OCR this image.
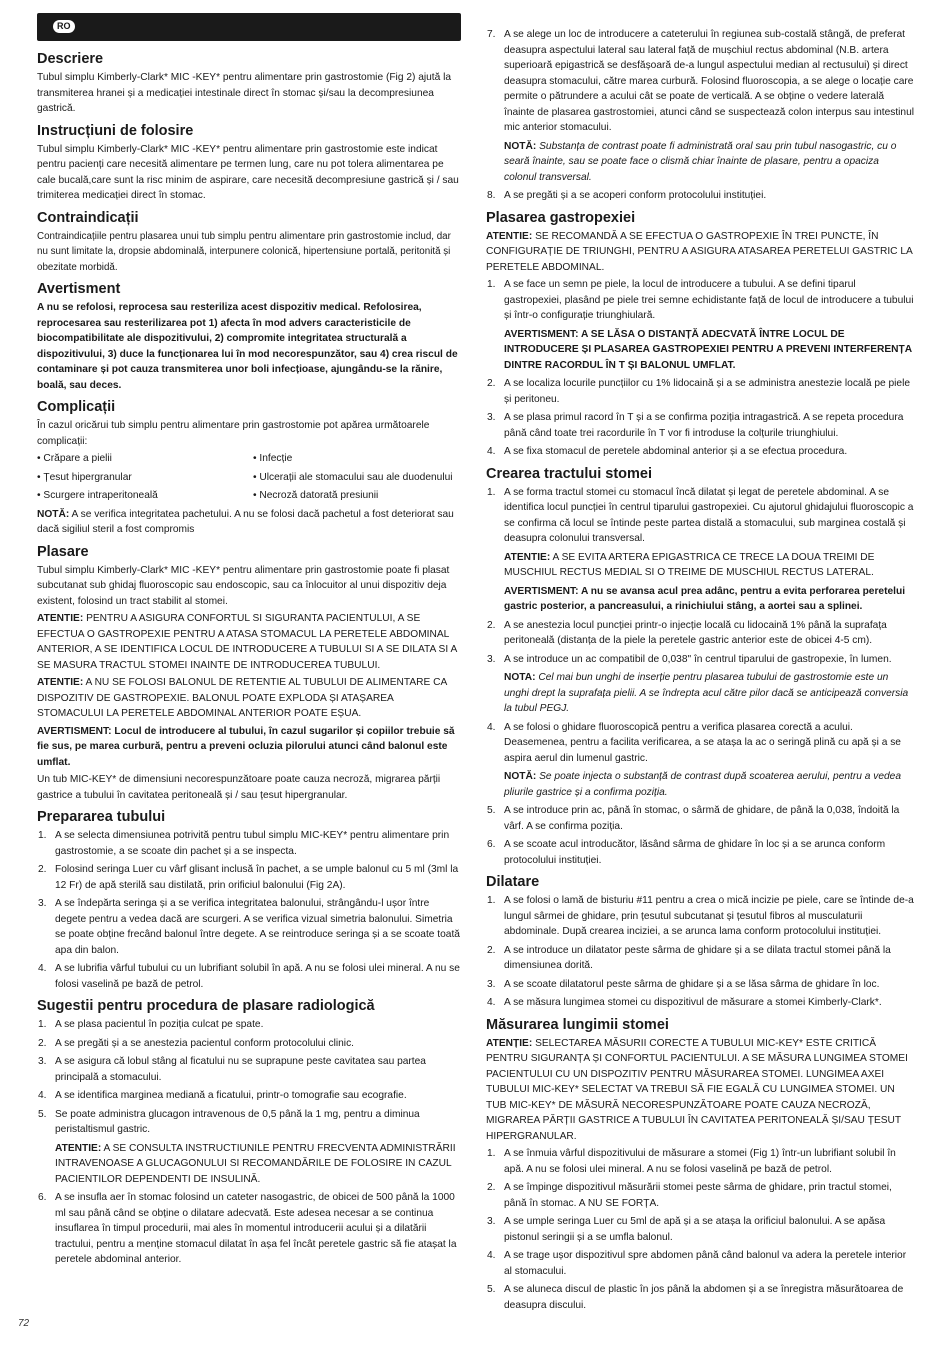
RO
Descriere

Tubul simplu Kimberly-Clark* MIC -KEY* pentru alimentare prin gastrostomie (Fig 2) ajută la transmiterea hranei și a medicației intestinale direct în stomac și/sau la decompresiunea gastrică.

Instrucțiuni de folosire

Tubul simplu Kimberly-Clark* MIC -KEY* pentru alimentare prin gastrostomie este indicat pentru pacienți care necesită alimentare pe termen lung, care nu pot tolera alimentarea pe cale bucală,care sunt la risc minim de aspirare, care necesită decompresiune gastrică și / sau trimiterea medicației direct în stomac.

Contraindicații

Contraindicațiile pentru plasarea unui tub simplu pentru alimentare prin gastrostomie includ, dar nu sunt limitate la, dropsie abdominală, interpunere colonică, hipertensiune portală, peritonită și obezitate morbidă.

Avertisment

A nu se refolosi, reprocesa sau resteriliza acest dispozitiv medical. Refolosirea, reprocesarea sau resterilizarea pot 1) afecta în mod advers caracteristicile de biocompatibilitate ale dispozitivului, 2) compromite integritatea structurală a dispozitivului, 3) duce la funcționarea lui în mod necorespunzător, sau 4) crea riscul de contaminare și pot cauza transmiterea unor boli infecțioase, ajungându-se la rănire, boală, sau deces.

Complicații

În cazul oricărui tub simplu pentru alimentare prin gastrostomie pot apărea următoarele complicații:

• Crăpare a pielii	• Infecție
• Țesut hipergranular	• Ulcerații ale stomacului sau ale duodenului
• Scurgere intraperitoneală	• Necroză datorată presiunii

NOTĂ: A se verifica integritatea pachetului. A nu se folosi dacă pachetul a fost deteriorat sau dacă sigiliul steril a fost compromis

Plasare

Tubul simplu Kimberly-Clark* MIC -KEY* pentru alimentare prin gastrostomie poate fi plasat subcutanat sub ghidaj fluoroscopic sau endoscopic, sau ca înlocuitor al unui dispozitiv deja existent, folosind un tract stabilit al stomei.

ATENTIE: PENTRU A ASIGURA CONFORTUL SI SIGURANTA PACIENTULUI, A SE EFECTUA O GASTROPEXIE PENTRU A ATASA STOMACUL LA PERETELE ABDOMINAL ANTERIOR, A SE IDENTIFICA LOCUL DE INTRODUCERE A TUBULUI SI A SE DILATA SI A SE MASURA TRACTUL STOMEI INAINTE DE INTRODUCEREA TUBULUI.

ATENTIE: A NU SE FOLOSI BALONUL DE RETENTIE AL TUBULUI DE ALIMENTARE CA DISPOZITIV DE GASTROPEXIE. BALONUL POATE EXPLODA ȘI ATAȘAREA STOMACULUI LA PERETELE ABDOMINAL ANTERIOR POATE EȘUA.

AVERTISMENT: Locul de introducere al tubului, în cazul sugarilor și copiilor trebuie să fie sus, pe marea curbură, pentru a preveni ocluzia pilorului atunci când balonul este umflat.

Un tub MIC-KEY* de dimensiuni necorespunzătoare poate cauza necroză, migrarea părții gastrice a tubului în cavitatea peritoneală și / sau țesut hipergranular.

Prepararea tubului
1. A se selecta dimensiunea potrivită pentru tubul simplu MIC-KEY* pentru alimentare prin gastrostomie, a se scoate din pachet și a se inspecta.
2. Folosind seringa Luer cu vârf glisant inclusă în pachet, a se umple balonul cu 5 ml (3ml la 12 Fr) de apă sterilă sau distilată, prin orificiul balonului (Fig 2A).
3. A se îndepărta seringa și a se verifica integritatea balonului, strângându-l ușor între degete pentru a vedea dacă are scurgeri. A se verifica vizual simetria balonului. Simetria se poate obține frecând balonul între degete. A se reintroduce seringa și a se scoate toată apa din balon.
4. A se lubrifia vârful tubului cu un lubrifiant solubil în apă. A nu se folosi ulei mineral. A nu se folosi vaselină pe bază de petrol.
Sugestii pentru procedura de plasare radiologică
1. A se plasa pacientul în poziția culcat pe spate.
2. A se pregăti și a se anestezia pacientul conform protocolului clinic.
3. A se asigura că lobul stâng al ficatului nu se suprapune peste cavitatea sau partea principală a stomacului.
4. A se identifica marginea mediană a ficatului, printr-o tomografie sau ecografie.
5. Se poate administra glucagon intravenous de 0,5 până la 1 mg, pentru a diminua peristaltismul gastric.
ATENTIE: A SE CONSULTA INSTRUCTIUNILE PENTRU FRECVENTA ADMINISTRĂRII INTRAVENOASE A GLUCAGONULUI SI RECOMANDĂRILE DE FOLOSIRE IN CAZUL PACIENTILOR DEPENDENTI DE INSULINĂ.
6. A se insufla aer în stomac folosind un cateter nasogastric, de obicei de 500 până la 1000 ml sau până când se obține o dilatare adecvată. Este adesea necesar a se continua insuflarea în timpul procedurii, mai ales în momentul introducerii acului și a dilatării tractului, pentru a menține stomacul dilatat în așa fel încât peretele gastric să fie atașat la peretele abdominal anterior.
7. A se alege un loc de introducere a cateterului în regiunea sub-costală stângă, de preferat deasupra aspectului lateral sau lateral față de mușchiul rectus abdominal (N.B. artera superioară epigastrică se desfășoară de-a lungul aspectului median al rectusului) și direct deasupra stomacului, către marea curbură. Folosind fluoroscopia, a se alege o locație care permite o pătrundere a acului cât se poate de verticală. A se obține o vedere laterală înainte de plasarea gastrostomiei, atunci când se suspectează colon interpus sau intestinul mic anterior stomacului.
NOTĂ: Substanța de contrast poate fi administrată oral sau prin tubul nasogastric, cu o seară înainte, sau se poate face o clismă chiar înainte de plasare, pentru a opaciza colonul transversal.
8. A se pregăti și a se acoperi conform protocolului instituției.
Plasarea gastropexiei

ATENTIE: SE RECOMANDĂ A SE EFECTUA O GASTROPEXIE ÎN TREI PUNCTE, ÎN CONFIGURAȚIE DE TRIUNGHI, PENTRU A ASIGURA ATASAREA PERETELUI GASTRIC LA PERETELE ABDOMINAL.

1. A se face un semn pe piele, la locul de introducere a tubului. A se defini tiparul gastropexiei, plasând pe piele trei semne echidistante față de locul de introducere a tubului și într-o configurație triunghiulară.
AVERTISMENT: A SE LĂSA O DISTANȚĂ ADECVATĂ ÎNTRE LOCUL DE INTRODUCERE ȘI PLASAREA GASTROPEXIEI PENTRU A PREVENI INTERFERENȚA DINTRE RACORDUL ÎN T ȘI BALONUL UMFLAT.
2. A se localiza locurile puncțiilor cu 1% lidocaină și a se administra anestezie locală pe piele și peritoneu.
3. A se plasa primul racord în T și a se confirma poziția intragastrică. A se repeta procedura până când toate trei racordurile în T vor fi introduse la colțurile triunghiului.
4. A se fixa stomacul de peretele abdominal anterior și a se efectua procedura.
Crearea tractului stomei
1. A se forma tractul stomei cu stomacul încă dilatat și legat de peretele abdominal. A se identifica locul puncției în centrul tiparului gastropexiei. Cu ajutorul ghidajului fluoroscopic a se confirma că locul se întinde peste partea distală a stomacului, sub marginea costală și deasupra colonului transversal.
ATENTIE: A SE EVITA ARTERA EPIGASTRICA CE TRECE LA DOUA TREIMI DE MUSCHIUL RECTUS MEDIAL SI O TREIME DE MUSCHIUL RECTUS LATERAL.
AVERTISMENT: A nu se avansa acul prea adânc, pentru a evita perforarea peretelui gastric posterior, a pancreasului, a rinichiului stâng, a aortei sau a splinei.
2. A se anestezia locul puncției printr-o injecție locală cu lidocaină 1% până la suprafața peritoneală (distanța de la piele la peretele gastric anterior este de obicei 4-5 cm).
3. A se introduce un ac compatibil de 0,038" în centrul tiparului de gastropexie, în lumen.
NOTA: Cel mai bun unghi de inserție pentru plasarea tubului de gastrostomie este un unghi drept la suprafața pielii. A se îndrepta acul către pilor dacă se anticipează conversia la tubul PEGJ.
4. A se folosi o ghidare fluoroscopică pentru a verifica plasarea corectă a acului. Deasemenea, pentru a facilita verificarea, a se atașa la ac o seringă plină cu apă și a se aspira aerul din lumenul gastric.
NOTĂ: Se poate injecta o substanță de contrast după scoaterea aerului, pentru a vedea pliurile gastrice și a confirma poziția.
5. A se introduce prin ac, până în stomac, o sârmă de ghidare, de până la 0,038, îndoită la vârf. A se confirma poziția.
6. A se scoate acul introducător, lăsând sârma de ghidare în loc și a se arunca conform protocolului instituției.
Dilatare
1. A se folosi o lamă de bisturiu #11 pentru a crea o mică incizie pe piele, care se întinde de-a lungul sârmei de ghidare, prin țesutul subcutanat și țesutul fibros al musculaturii abdominale. După crearea inciziei, a se arunca lama conform protocolului instituției.
2. A se introduce un dilatator peste sârma de ghidare și a se dilata tractul stomei până la dimensiunea dorită.
3. A se scoate dilatatorul peste sârma de ghidare și a se lăsa sârma de ghidare în loc.
4. A se măsura lungimea stomei cu dispozitivul de măsurare a stomei Kimberly-Clark*.
Măsurarea lungimii stomei

ATENȚIE: SELECTAREA MĂSURII CORECTE A TUBULUI MIC-KEY* ESTE CRITICĂ PENTRU SIGURANȚA ȘI CONFORTUL PACIENTULUI. A SE MĂSURA LUNGIMEA STOMEI PACIENTULUI CU UN DISPOZITIV PENTRU MĂSURAREA STOMEI. LUNGIMEA AXEI TUBULUI MIC-KEY* SELECTAT VA TREBUI SĂ FIE EGALĂ CU LUNGIMEA STOMEI. UN TUB MIC-KEY* DE MĂSURĂ NECORESPUNZĂTOARE POATE CAUZA NECROZĂ, MIGRAREA PĂRȚII GASTRICE A TUBULUI ÎN CAVITATEA PERITONEALĂ ȘI/SAU ȚESUT HIPERGRANULAR.

1. A se înmuia vârful dispozitivului de măsurare a stomei (Fig 1) într-un lubrifiant solubil în apă. A nu se folosi ulei mineral. A nu se folosi vaselină pe bază de petrol.
2. A se împinge dispozitivul măsurării stomei peste sârma de ghidare, prin tractul stomei, până în stomac. A NU SE FORȚA.
3. A se umple seringa Luer cu 5ml de apă și a se atașa la orificiul balonului. A se apăsa pistonul seringii și a se umfla balonul.
4. A se trage ușor dispozitivul spre abdomen până când balonul va adera la peretele interior al stomacului.
5. A se aluneca discul de plastic în jos până la abdomen și a se înregistra măsurătoarea de deasupra discului.
72
